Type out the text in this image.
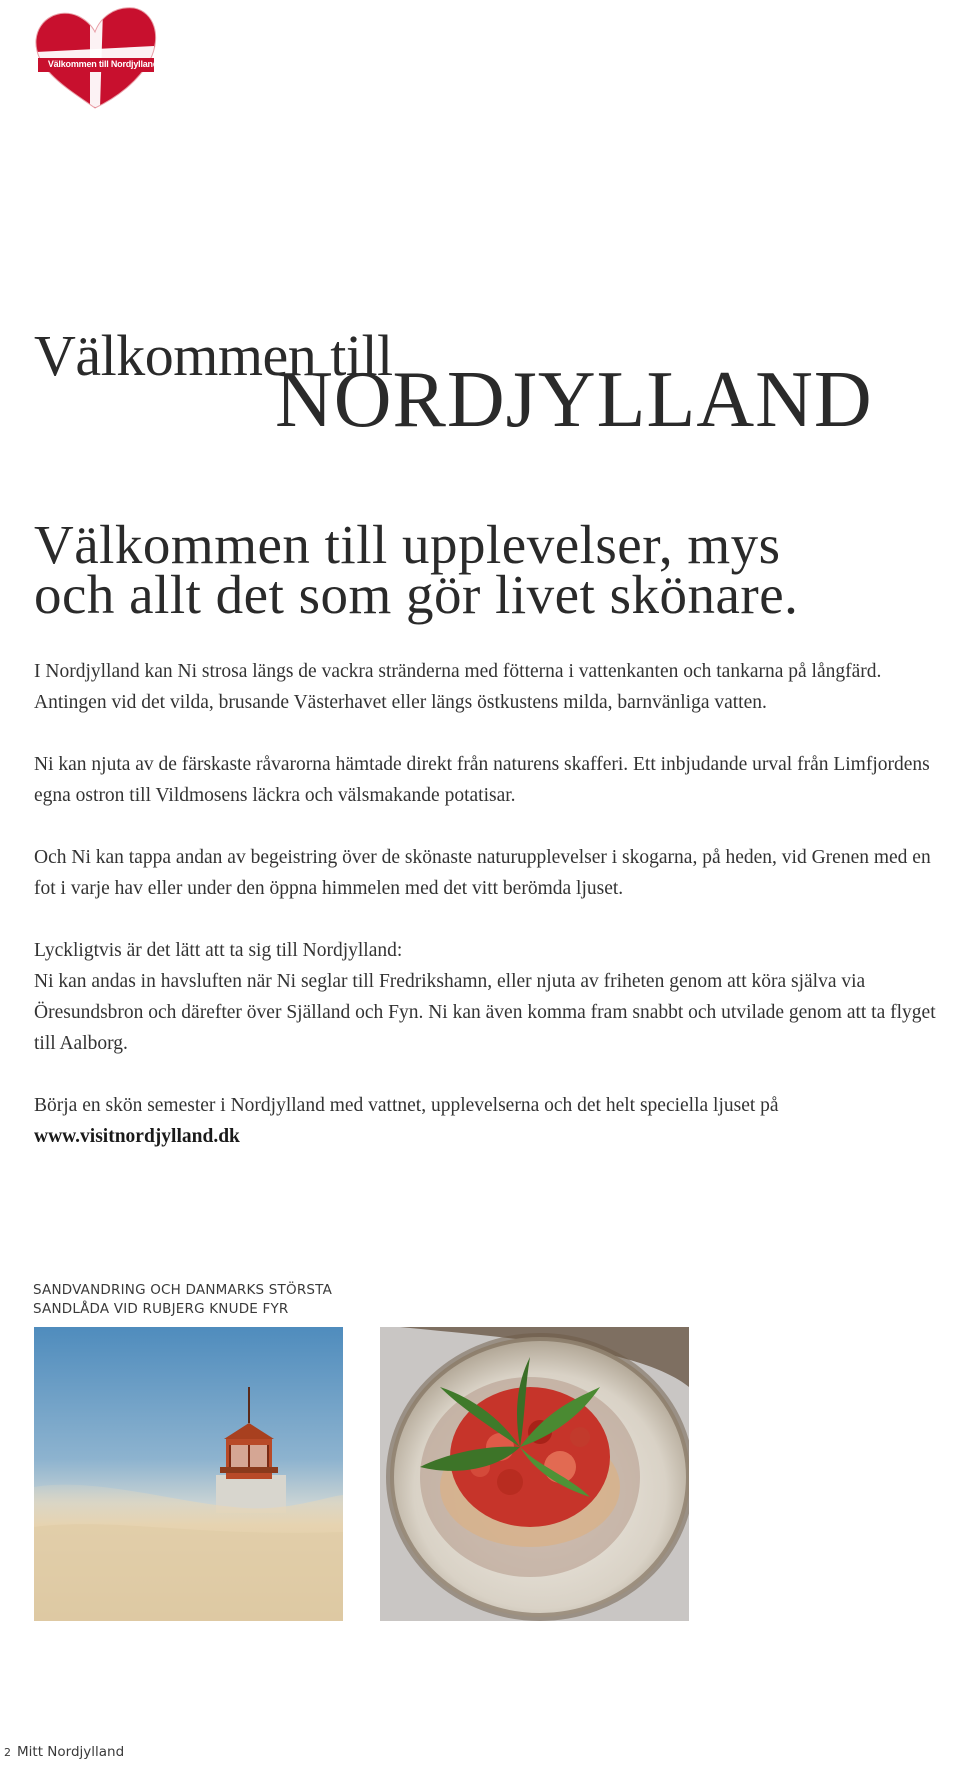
Välkommen till Nordjylland
Välkommen till
NORDJYLLAND
Välkommen till upplevelser, mys
och allt det som gör livet skönare.

I Nordjylland kan Ni strosa längs de vackra stränderna med fötterna i vattenkanten och tankarna på långfärd. Antingen vid det vilda, brusande Västerhavet eller längs östkustens milda, barnvänliga vatten.

Ni kan njuta av de färskaste råvarorna hämtade direkt från naturens skafferi. Ett inbjudande urval från Limfjordens egna ostron till Vildmosens läckra och välsmakande potatisar.

Och Ni kan tappa andan av begeistring över de skönaste naturupplevelser i skogarna, på heden, vid Grenen med en fot i varje hav eller under den öppna himmelen med det vitt berömda ljuset.

Lyckligtvis är det lätt att ta sig till Nordjylland:

Ni kan andas in havsluften när Ni seglar till Fredrikshamn, eller njuta av friheten genom att köra själva via Öresundsbron och därefter över Själland och Fyn. Ni kan även komma fram snabbt och utvilade genom att ta flyget till Aalborg.

Börja en skön semester i Nordjylland med vattnet, upplevelserna och det helt speciella ljuset på
www.visitnordjylland.dk

SANDVANDRING OCH DANMARKS STÖRSTA
SANDLÅDA VID RUBJERG KNUDE FYR
2 Mitt Nordjylland
